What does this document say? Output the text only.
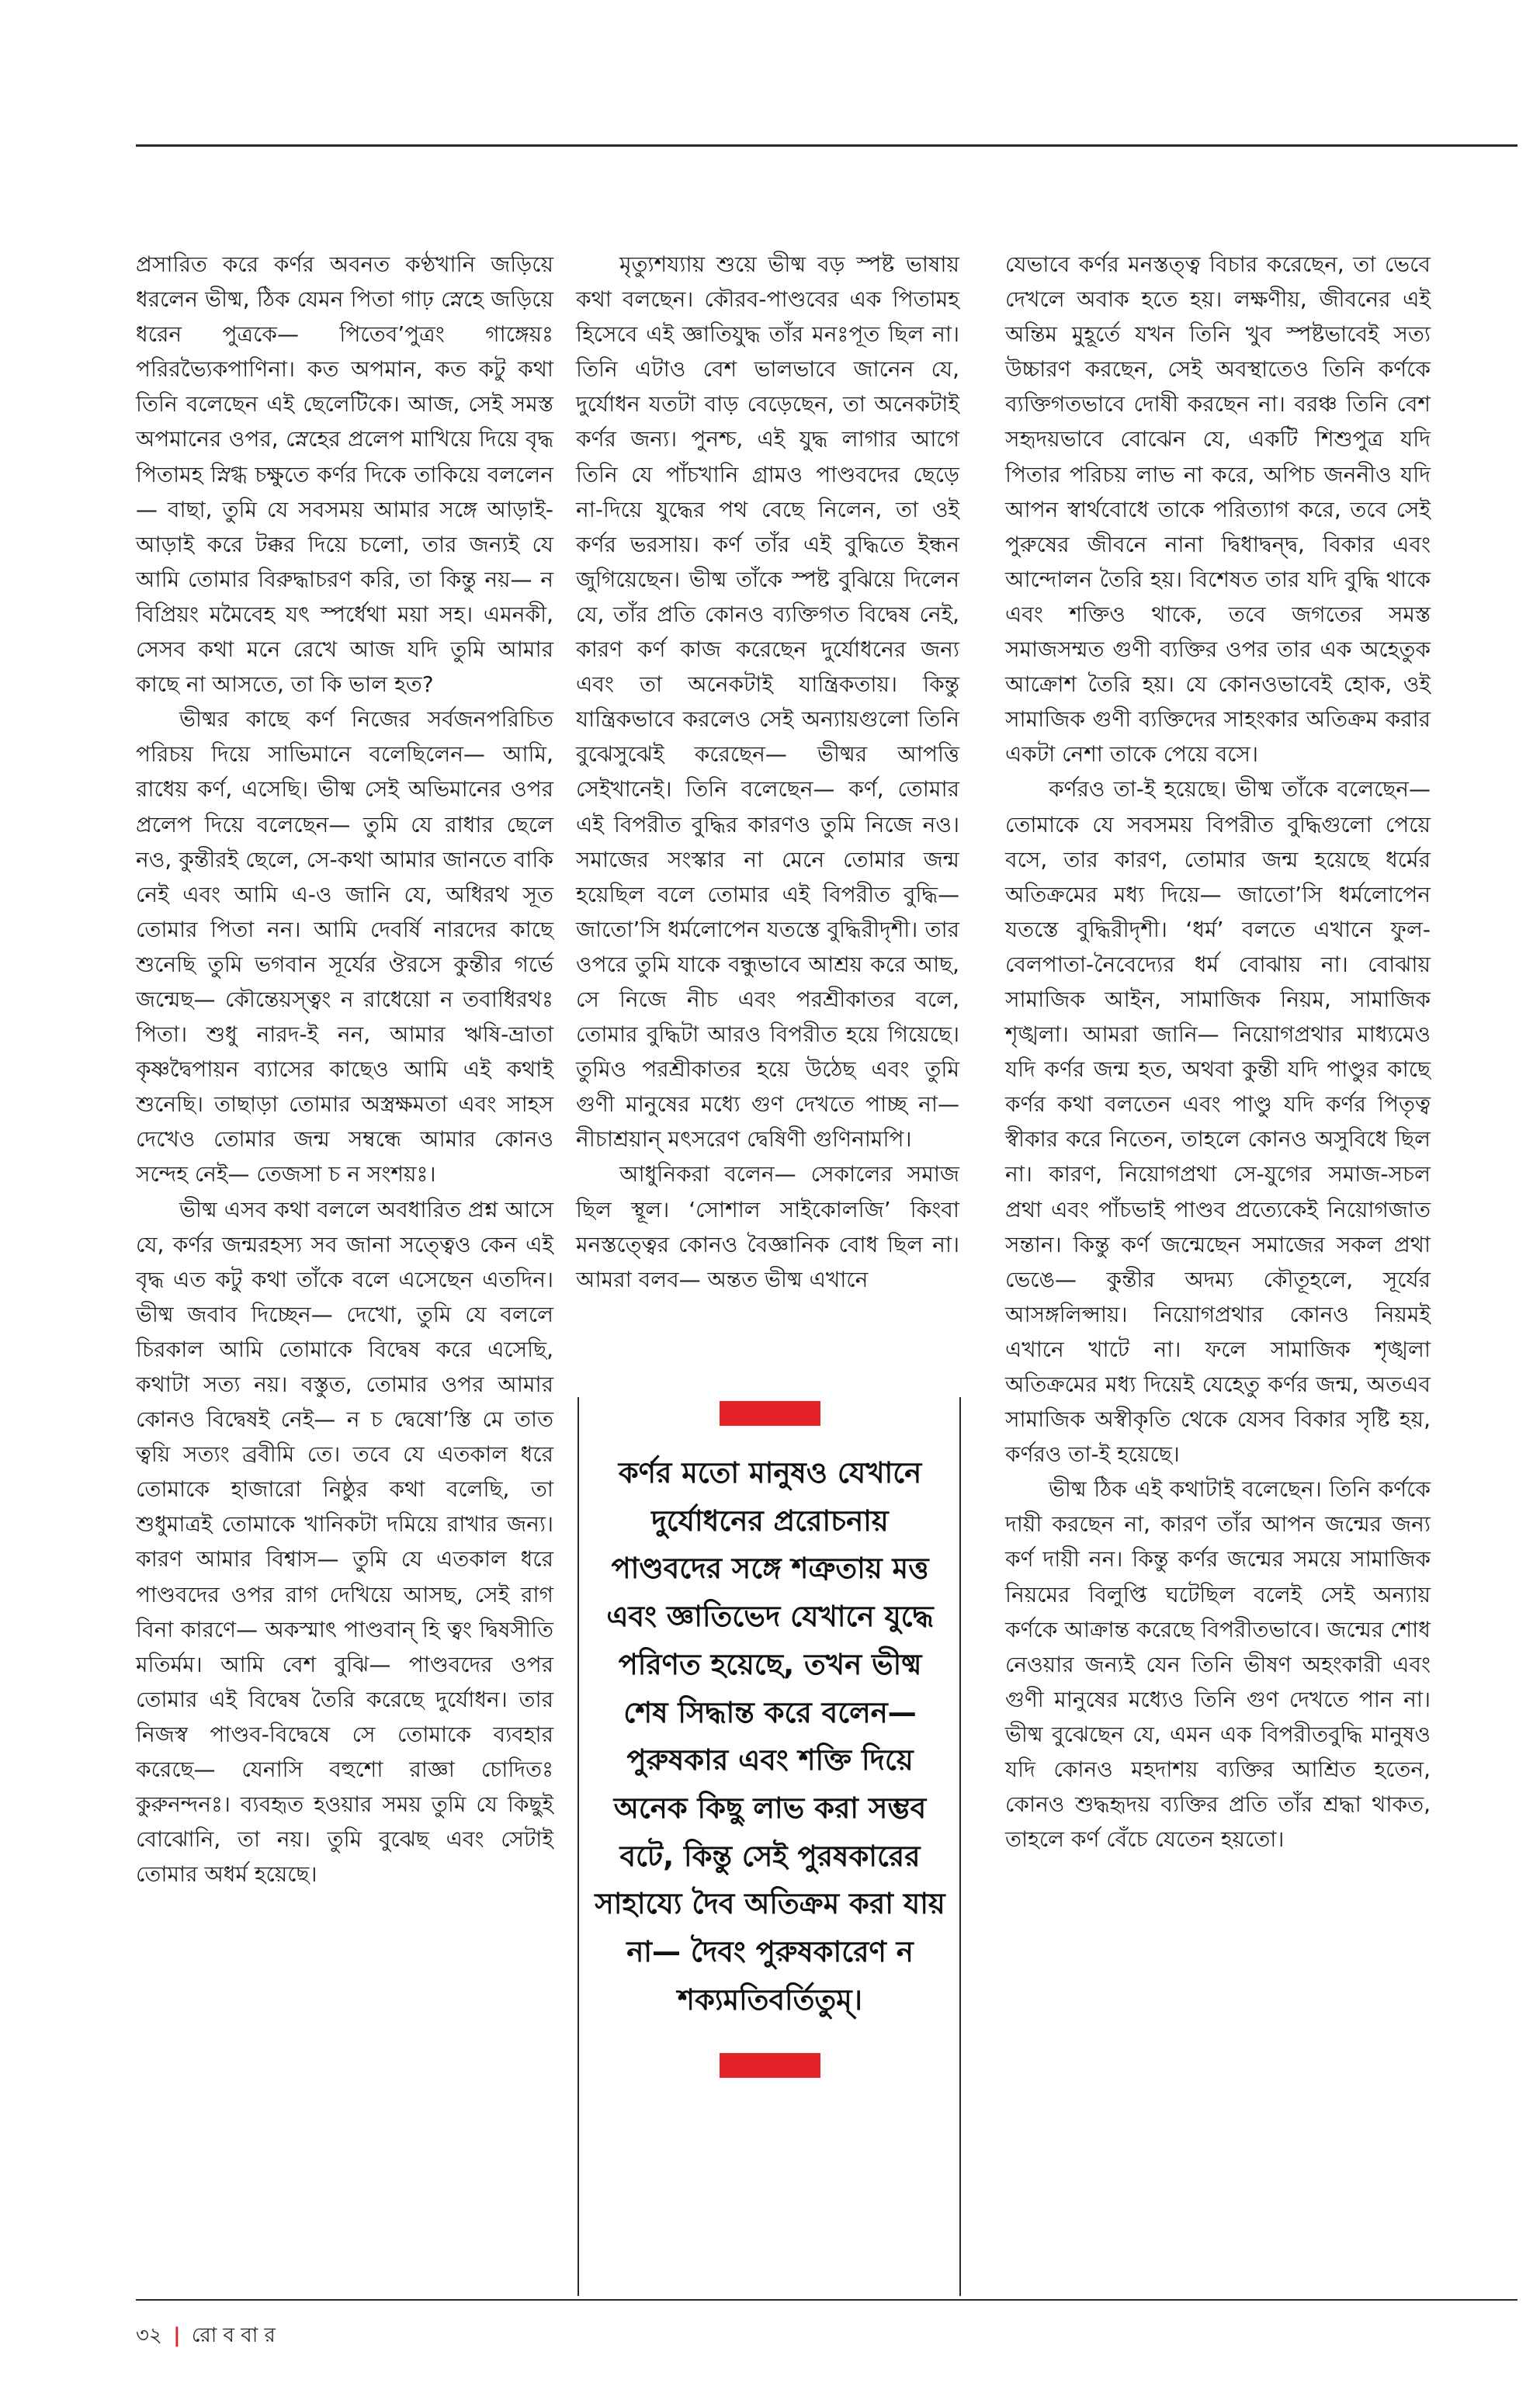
প্রসারিত করে কর্ণর অবনত কণ্ঠখানি জড়িয়ে ধরলেন ভীষ্ম, ঠিক যেমন পিতা গাঢ় স্নেহে জড়িয়ে ধরেন পুত্রকে— পিতেব’পুত্রং গাঙ্গেয়ঃ পরিরভ্যৈকপাণিনা। কত অপমান, কত কটু কথা তিনি বলেছেন এই ছেলেটিকে। আজ, সেই সমস্ত অপমানের ওপর, স্নেহের প্রলেপ মাখিয়ে দিয়ে বৃদ্ধ পিতামহ স্নিগ্ধ চক্ষুতে কর্ণর দিকে তাকিয়ে বললেন— বাছা, তুমি যে সবসময় আমার সঙ্গে আড়াই-আড়াই করে টক্কর দিয়ে চলো, তার জন্যই যে আমি তোমার বিরুদ্ধাচরণ করি, তা কিন্তু নয়— ন বিপ্রিয়ং মমৈবেহ যৎ স্পর্ধেথা ময়া সহ। এমনকী, সেসব কথা মনে রেখে আজ যদি তুমি আমার কাছে না আসতে, তা কি ভাল হত?

ভীষ্মর কাছে কর্ণ নিজের সর্বজনপরিচিত পরিচয় দিয়ে সাভিমানে বলেছিলেন— আমি, রাধেয় কর্ণ, এসেছি। ভীষ্ম সেই অভিমানের ওপর প্রলেপ দিয়ে বলেছেন— তুমি যে রাধার ছেলে নও, কুন্তীরই ছেলে, সে-কথা আমার জানতে বাকি নেই এবং আমি এ-ও জানি যে, অধিরথ সূত তোমার পিতা নন। আমি দেবর্ষি নারদের কাছে শুনেছি তুমি ভগবান সূর্যের ঔরসে কুন্তীর গর্ভে জন্মেছ— কৌন্তেয়স্ত্বং ন রাধেয়ো ন তবাধিরথঃ পিতা। শুধু নারদ-ই নন, আমার ঋষি-ভ্রাতা কৃষ্ণদ্বৈপায়ন ব্যাসের কাছেও আমি এই কথাই শুনেছি। তাছাড়া তোমার অস্ত্রক্ষমতা এবং সাহস দেখেও তোমার জন্ম সম্বন্ধে আমার কোনও সন্দেহ নেই— তেজসা চ ন সংশয়ঃ।

ভীষ্ম এসব কথা বললে অবধারিত প্রশ্ন আসে যে, কর্ণর জন্মরহস্য সব জানা সত্ত্বেও কেন এই বৃদ্ধ এত কটু কথা তাঁকে বলে এসেছেন এতদিন। ভীষ্ম জবাব দিচ্ছেন— দেখো, তুমি যে বললে চিরকাল আমি তোমাকে বিদ্বেষ করে এসেছি, কথাটা সত্য নয়। বস্তুত, তোমার ওপর আমার কোনও বিদ্বেষই নেই— ন চ দ্বেষো’স্তি মে তাত ত্বয়ি সত্যং ব্রবীমি তে। তবে যে এতকাল ধরে তোমাকে হাজারো নিষ্ঠুর কথা বলেছি, তা শুধুমাত্রই তোমাকে খানিকটা দমিয়ে রাখার জন্য। কারণ আমার বিশ্বাস— তুমি যে এতকাল ধরে পাণ্ডবদের ওপর রাগ দেখিয়ে আসছ, সেই রাগ বিনা কারণে— অকস্মাৎ পাণ্ডবান্ হি ত্বং দ্বিষসীতি মতির্মম। আমি বেশ বুঝি— পাণ্ডবদের ওপর তোমার এই বিদ্বেষ তৈরি করেছে দুর্যোধন। তার নিজস্ব পাণ্ডব-বিদ্বেষে সে তোমাকে ব্যবহার করেছে— যেনাসি বহুশো রাজ্ঞা চোদিতঃ কুরুনন্দনঃ। ব্যবহৃত হওয়ার সময় তুমি যে কিছুই বোঝোনি, তা নয়। তুমি বুঝেছ এবং সেটাই তোমার অধর্ম হয়েছে।

মৃত্যুশয্যায় শুয়ে ভীষ্ম বড় স্পষ্ট ভাষায় কথা বলছেন। কৌরব-পাণ্ডবের এক পিতামহ হিসেবে এই জ্ঞাতিযুদ্ধ তাঁর মনঃপূত ছিল না। তিনি এটাও বেশ ভালভাবে জানেন যে, দুর্যোধন যতটা বাড় বেড়েছেন, তা অনেকটাই কর্ণর জন্য। পুনশ্চ, এই যুদ্ধ লাগার আগে তিনি যে পাঁচখানি গ্রামও পাণ্ডবদের ছেড়ে না-দিয়ে যুদ্ধের পথ বেছে নিলেন, তা ওই কর্ণর ভরসায়। কর্ণ তাঁর এই বুদ্ধিতে ইন্ধন জুগিয়েছেন। ভীষ্ম তাঁকে স্পষ্ট বুঝিয়ে দিলেন যে, তাঁর প্রতি কোনও ব্যক্তিগত বিদ্বেষ নেই, কারণ কর্ণ কাজ করেছেন দুর্যোধনের জন্য এবং তা অনেকটাই যান্ত্রিকতায়। কিন্তু যান্ত্রিকভাবে করলেও সেই অন্যায়গুলো তিনি বুঝেসুঝেই করেছেন— ভীষ্মর আপত্তি সেইখানেই। তিনি বলেছেন— কর্ণ, তোমার এই বিপরীত বুদ্ধির কারণও তুমি নিজে নও। সমাজের সংস্কার না মেনে তোমার জন্ম হয়েছিল বলে তোমার এই বিপরীত বুদ্ধি—জাতো’সি ধর্মলোপেন যতস্তে বুদ্ধিরীদৃশী। তার ওপরে তুমি যাকে বন্ধুভাবে আশ্রয় করে আছ, সে নিজে নীচ এবং পরশ্রীকাতর বলে, তোমার বুদ্ধিটা আরও বিপরীত হয়ে গিয়েছে। তুমিও পরশ্রীকাতর হয়ে উঠেছ এবং তুমি গুণী মানুষের মধ্যে গুণ দেখতে পাচ্ছ না— নীচাশ্রয়ান্ মৎসরেণ দ্বেষিণী গুণিনামপি।

আধুনিকরা বলেন— সেকালের সমাজ ছিল স্থূল। ‘সোশাল সাইকোলজি’ কিংবা মনস্তত্ত্বের কোনও বৈজ্ঞানিক বোধ ছিল না। আমরা বলব— অন্তত ভীষ্ম এখানে

যেভাবে কর্ণর মনস্তত্ত্ব বিচার করেছেন, তা ভেবে দেখলে অবাক হতে হয়। লক্ষণীয়, জীবনের এই অন্তিম মুহূর্তে যখন তিনি খুব স্পষ্টভাবেই সত্য উচ্চারণ করছেন, সেই অবস্থাতেও তিনি কর্ণকে ব্যক্তিগতভাবে দোষী করছেন না। বরঞ্চ তিনি বেশ সহৃদয়ভাবে বোঝেন যে, একটি শিশুপুত্র যদি পিতার পরিচয় লাভ না করে, অপিচ জননীও যদি আপন স্বার্থবোধে তাকে পরিত্যাগ করে, তবে সেই পুরুষের জীবনে নানা দ্বিধাদ্বন্দ্ব, বিকার এবং আন্দোলন তৈরি হয়। বিশেষত তার যদি বুদ্ধি থাকে এবং শক্তিও থাকে, তবে জগতের সমস্ত সমাজসম্মত গুণী ব্যক্তির ওপর তার এক অহেতুক আক্রোশ তৈরি হয়। যে কোনওভাবেই হোক, ওই সামাজিক গুণী ব্যক্তিদের সাহংকার অতিক্রম করার একটা নেশা তাকে পেয়ে বসে।

কর্ণরও তা-ই হয়েছে। ভীষ্ম তাঁকে বলেছেন— তোমাকে যে সবসময় বিপরীত বুদ্ধিগুলো পেয়ে বসে, তার কারণ, তোমার জন্ম হয়েছে ধর্মের অতিক্রমের মধ্য দিয়ে— জাতো’সি ধর্মলোপেন যতস্তে বুদ্ধিরীদৃশী। ‘ধর্ম’ বলতে এখানে ফুল-বেলপাতা-নৈবেদ্যের ধর্ম বোঝায় না। বোঝায় সামাজিক আইন, সামাজিক নিয়ম, সামাজিক শৃঙ্খলা। আমরা জানি— নিয়োগপ্রথার মাধ্যমেও যদি কর্ণর জন্ম হত, অথবা কুন্তী যদি পাণ্ডুর কাছে কর্ণর কথা বলতেন এবং পাণ্ডু যদি কর্ণর পিতৃত্ব স্বীকার করে নিতেন, তাহলে কোনও অসুবিধে ছিল না। কারণ, নিয়োগপ্রথা সে-যুগের সমাজ-সচল প্রথা এবং পাঁচভাই পাণ্ডব প্রত্যেকেই নিয়োগজাত সন্তান। কিন্তু কর্ণ জন্মেছেন সমাজের সকল প্রথা ভেঙে— কুন্তীর অদম্য কৌতূহলে, সূর্যের আসঙ্গলিপ্সায়। নিয়োগপ্রথার কোনও নিয়মই এখানে খাটে না। ফলে সামাজিক শৃঙ্খলা অতিক্রমের মধ্য দিয়েই যেহেতু কর্ণর জন্ম, অতএব সামাজিক অস্বীকৃতি থেকে যেসব বিকার সৃষ্টি হয়, কর্ণরও তা-ই হয়েছে।

ভীষ্ম ঠিক এই কথাটাই বলেছেন। তিনি কর্ণকে দায়ী করছেন না, কারণ তাঁর আপন জন্মের জন্য কর্ণ দায়ী নন। কিন্তু কর্ণর জন্মের সময়ে সামাজিক নিয়মের বিলুপ্তি ঘটেছিল বলেই সেই অন্যায় কর্ণকে আক্রান্ত করেছে বিপরীতভাবে। জন্মের শোধ নেওয়ার জন্যই যেন তিনি ভীষণ অহংকারী এবং গুণী মানুষের মধ্যেও তিনি গুণ দেখতে পান না। ভীষ্ম বুঝেছেন যে, এমন এক বিপরীতবুদ্ধি মানুষও যদি কোনও মহদাশয় ব্যক্তির আশ্রিত হতেন, কোনও শুদ্ধহৃদয় ব্যক্তির প্রতি তাঁর শ্রদ্ধা থাকত, তাহলে কর্ণ বেঁচে যেতেন হয়তো।

কর্ণর মতো মানুষও যেখানে দুর্যোধনের প্ররোচনায় পাণ্ডবদের সঙ্গে শত্রুতায় মত্ত এবং জ্ঞাতিভেদ যেখানে যুদ্ধে পরিণত হয়েছে, তখন ভীষ্ম শেষ সিদ্ধান্ত করে বলেন— পুরুষকার এবং শক্তি দিয়ে অনেক কিছু লাভ করা সম্ভব বটে, কিন্তু সেই পুরষকারের সাহায্যে দৈব অতিক্রম করা যায় না— দৈবং পুরুষকারেণ ন শক্যমতিবর্তিতুম্।
৩২ | রো ব বা র
